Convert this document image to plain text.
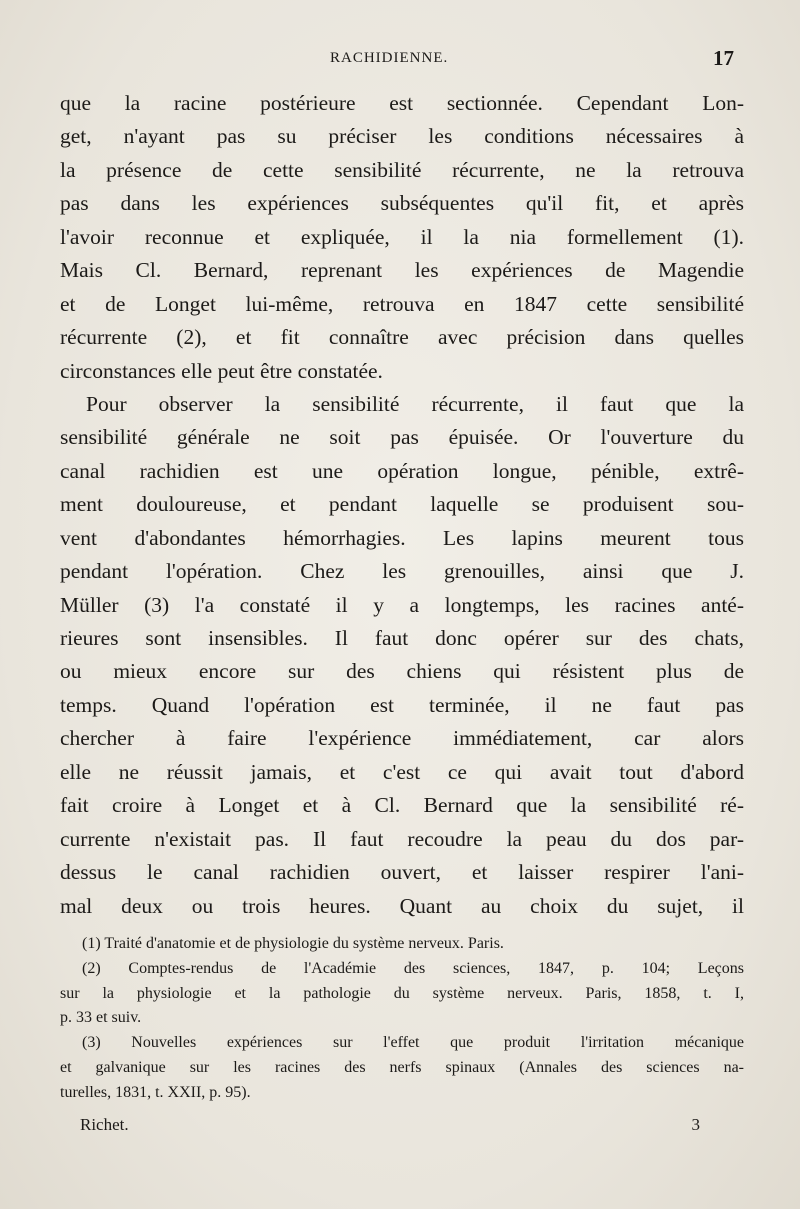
RACHIDIENNE.	17
que la racine postérieure est sectionnée. Cependant Lon-
get, n'ayant pas su préciser les conditions nécessaires à
la présence de cette sensibilité récurrente, ne la retrouva
pas dans les expériences subséquentes qu'il fit, et après
l'avoir reconnue et expliquée, il la nia formellement (1).
Mais Cl. Bernard, reprenant les expériences de Magendie
et de Longet lui-même, retrouva en 1847 cette sensibilité
récurrente (2), et fit connaître avec précision dans quelles
circonstances elle peut être constatée.
Pour observer la sensibilité récurrente, il faut que la
sensibilité générale ne soit pas épuisée. Or l'ouverture du
canal rachidien est une opération longue, pénible, extrê-
ment douloureuse, et pendant laquelle se produisent sou-
vent d'abondantes hémorrhagies. Les lapins meurent tous
pendant l'opération. Chez les grenouilles, ainsi que J.
Müller (3) l'a constaté il y a longtemps, les racines anté-
rieures sont insensibles. Il faut donc opérer sur des chats,
ou mieux encore sur des chiens qui résistent plus de
temps. Quand l'opération est terminée, il ne faut pas
chercher à faire l'expérience immédiatement, car alors
elle ne réussit jamais, et c'est ce qui avait tout d'abord
fait croire à Longet et à Cl. Bernard que la sensibilité ré-
currente n'existait pas. Il faut recoudre la peau du dos par-
dessus le canal rachidien ouvert, et laisser respirer l'ani-
mal deux ou trois heures. Quant au choix du sujet, il
(1) Traité d'anatomie et de physiologie du système nerveux. Paris.
(2) Comptes-rendus de l'Académie des sciences, 1847, p. 104; Leçons
sur la physiologie et la pathologie du système nerveux. Paris, 1858, t. I,
p. 33 et suiv.
(3) Nouvelles expériences sur l'effet que produit l'irritation mécanique
et galvanique sur les racines des nerfs spinaux (Annales des sciences na-
turelles, 1831, t. XXII, p. 95).
Richet.	3
